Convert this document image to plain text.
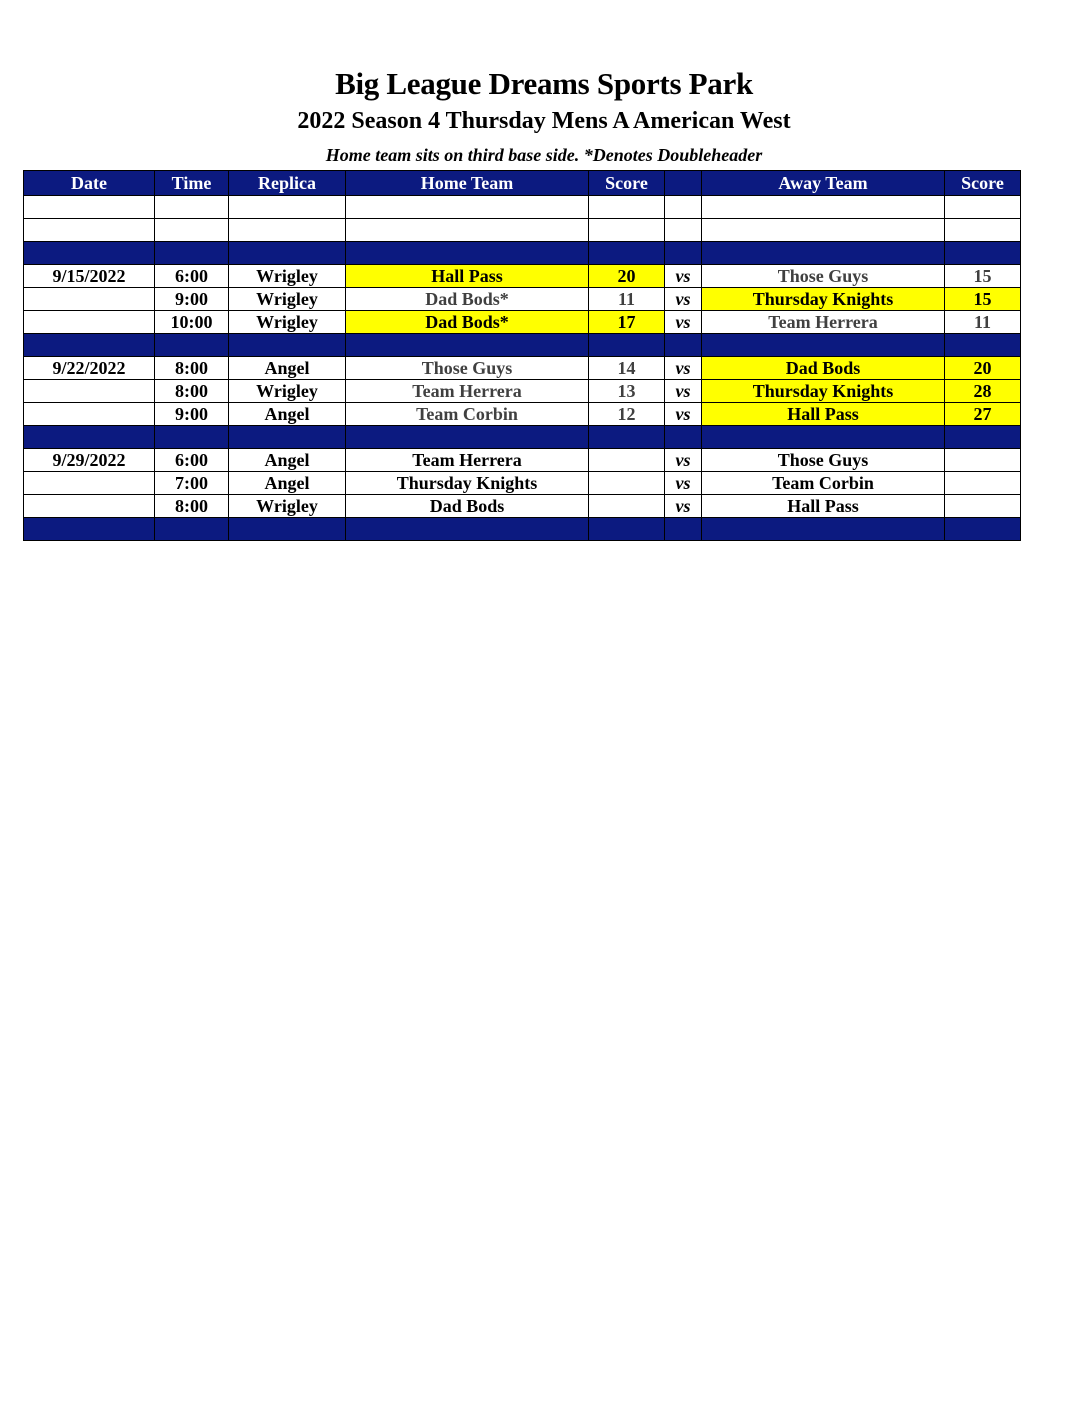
Big League Dreams Sports Park
2022 Season 4 Thursday Mens A American West
Home team sits on third base side. *Denotes Doubleheader
Date	Time	Replica	Home Team	Score		Away Team	Score

9/15/2022	6:00	Wrigley	Hall Pass	20	vs	Those Guys	15
	9:00	Wrigley	Dad Bods*	11	vs	Thursday Knights	15
	10:00	Wrigley	Dad Bods*	17	vs	Team Herrera	11

9/22/2022	8:00	Angel	Those Guys	14	vs	Dad Bods	20
	8:00	Wrigley	Team Herrera	13	vs	Thursday Knights	28
	9:00	Angel	Team Corbin	12	vs	Hall Pass	27

9/29/2022	6:00	Angel	Team Herrera		vs	Those Guys	
	7:00	Angel	Thursday Knights		vs	Team Corbin	
	8:00	Wrigley	Dad Bods		vs	Hall Pass	
